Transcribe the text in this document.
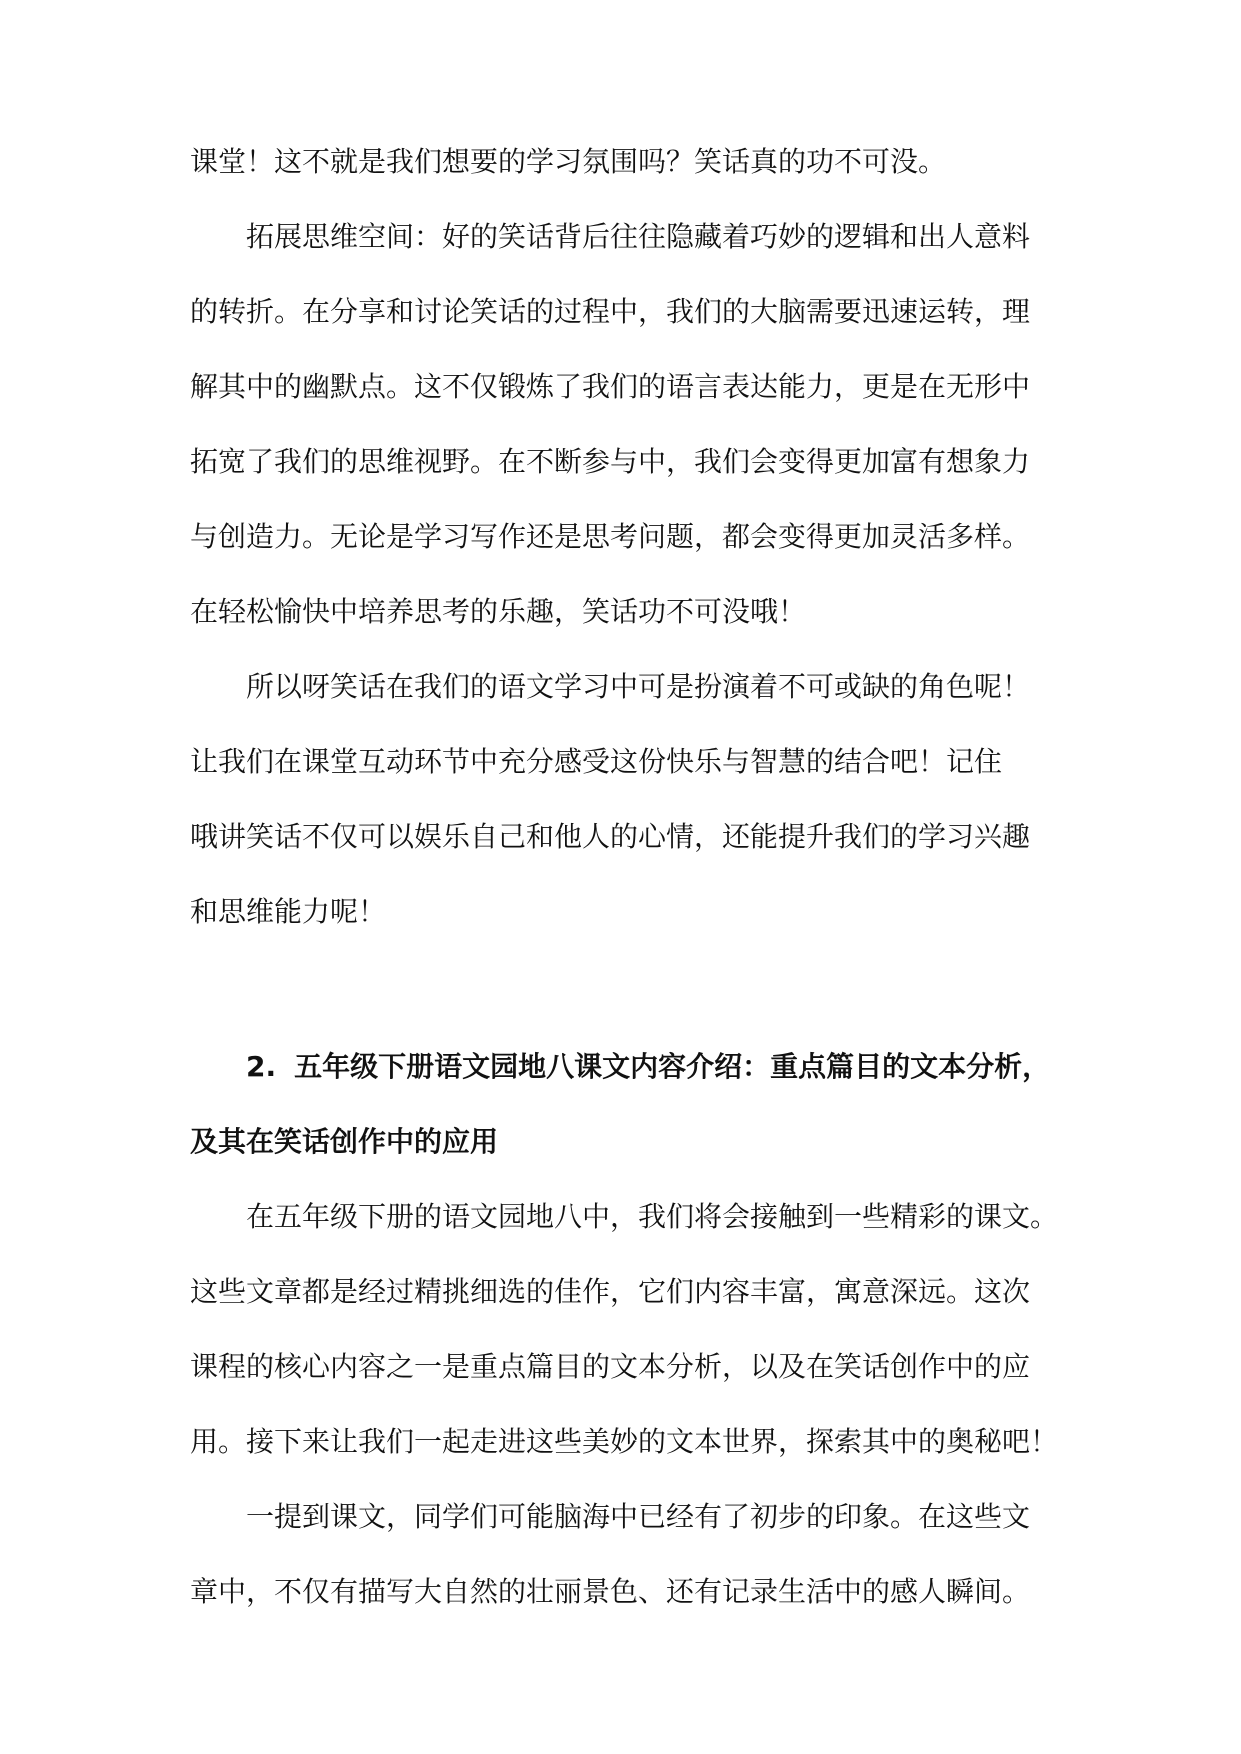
课堂！这不就是我们想要的学习氛围吗？笑话真的功不可没。
拓展思维空间：好的笑话背后往往隐藏着巧妙的逻辑和出人意料
的转折。在分享和讨论笑话的过程中，我们的大脑需要迅速运转，理
解其中的幽默点。这不仅锻炼了我们的语言表达能力，更是在无形中
拓宽了我们的思维视野。在不断参与中，我们会变得更加富有想象力
与创造力。无论是学习写作还是思考问题，都会变得更加灵活多样。
在轻松愉快中培养思考的乐趣，笑话功不可没哦！
所以呀笑话在我们的语文学习中可是扮演着不可或缺的角色呢！
让我们在课堂互动环节中充分感受这份快乐与智慧的结合吧！记住
哦讲笑话不仅可以娱乐自己和他人的心情，还能提升我们的学习兴趣
和思维能力呢！
2. 五年级下册语文园地八课文内容介绍：重点篇目的文本分析，
及其在笑话创作中的应用
在五年级下册的语文园地八中，我们将会接触到一些精彩的课文。
这些文章都是经过精挑细选的佳作，它们内容丰富，寓意深远。这次
课程的核心内容之一是重点篇目的文本分析，以及在笑话创作中的应
用。接下来让我们一起走进这些美妙的文本世界，探索其中的奥秘吧！
一提到课文，同学们可能脑海中已经有了初步的印象。在这些文
章中，不仅有描写大自然的壮丽景色、还有记录生活中的感人瞬间。
